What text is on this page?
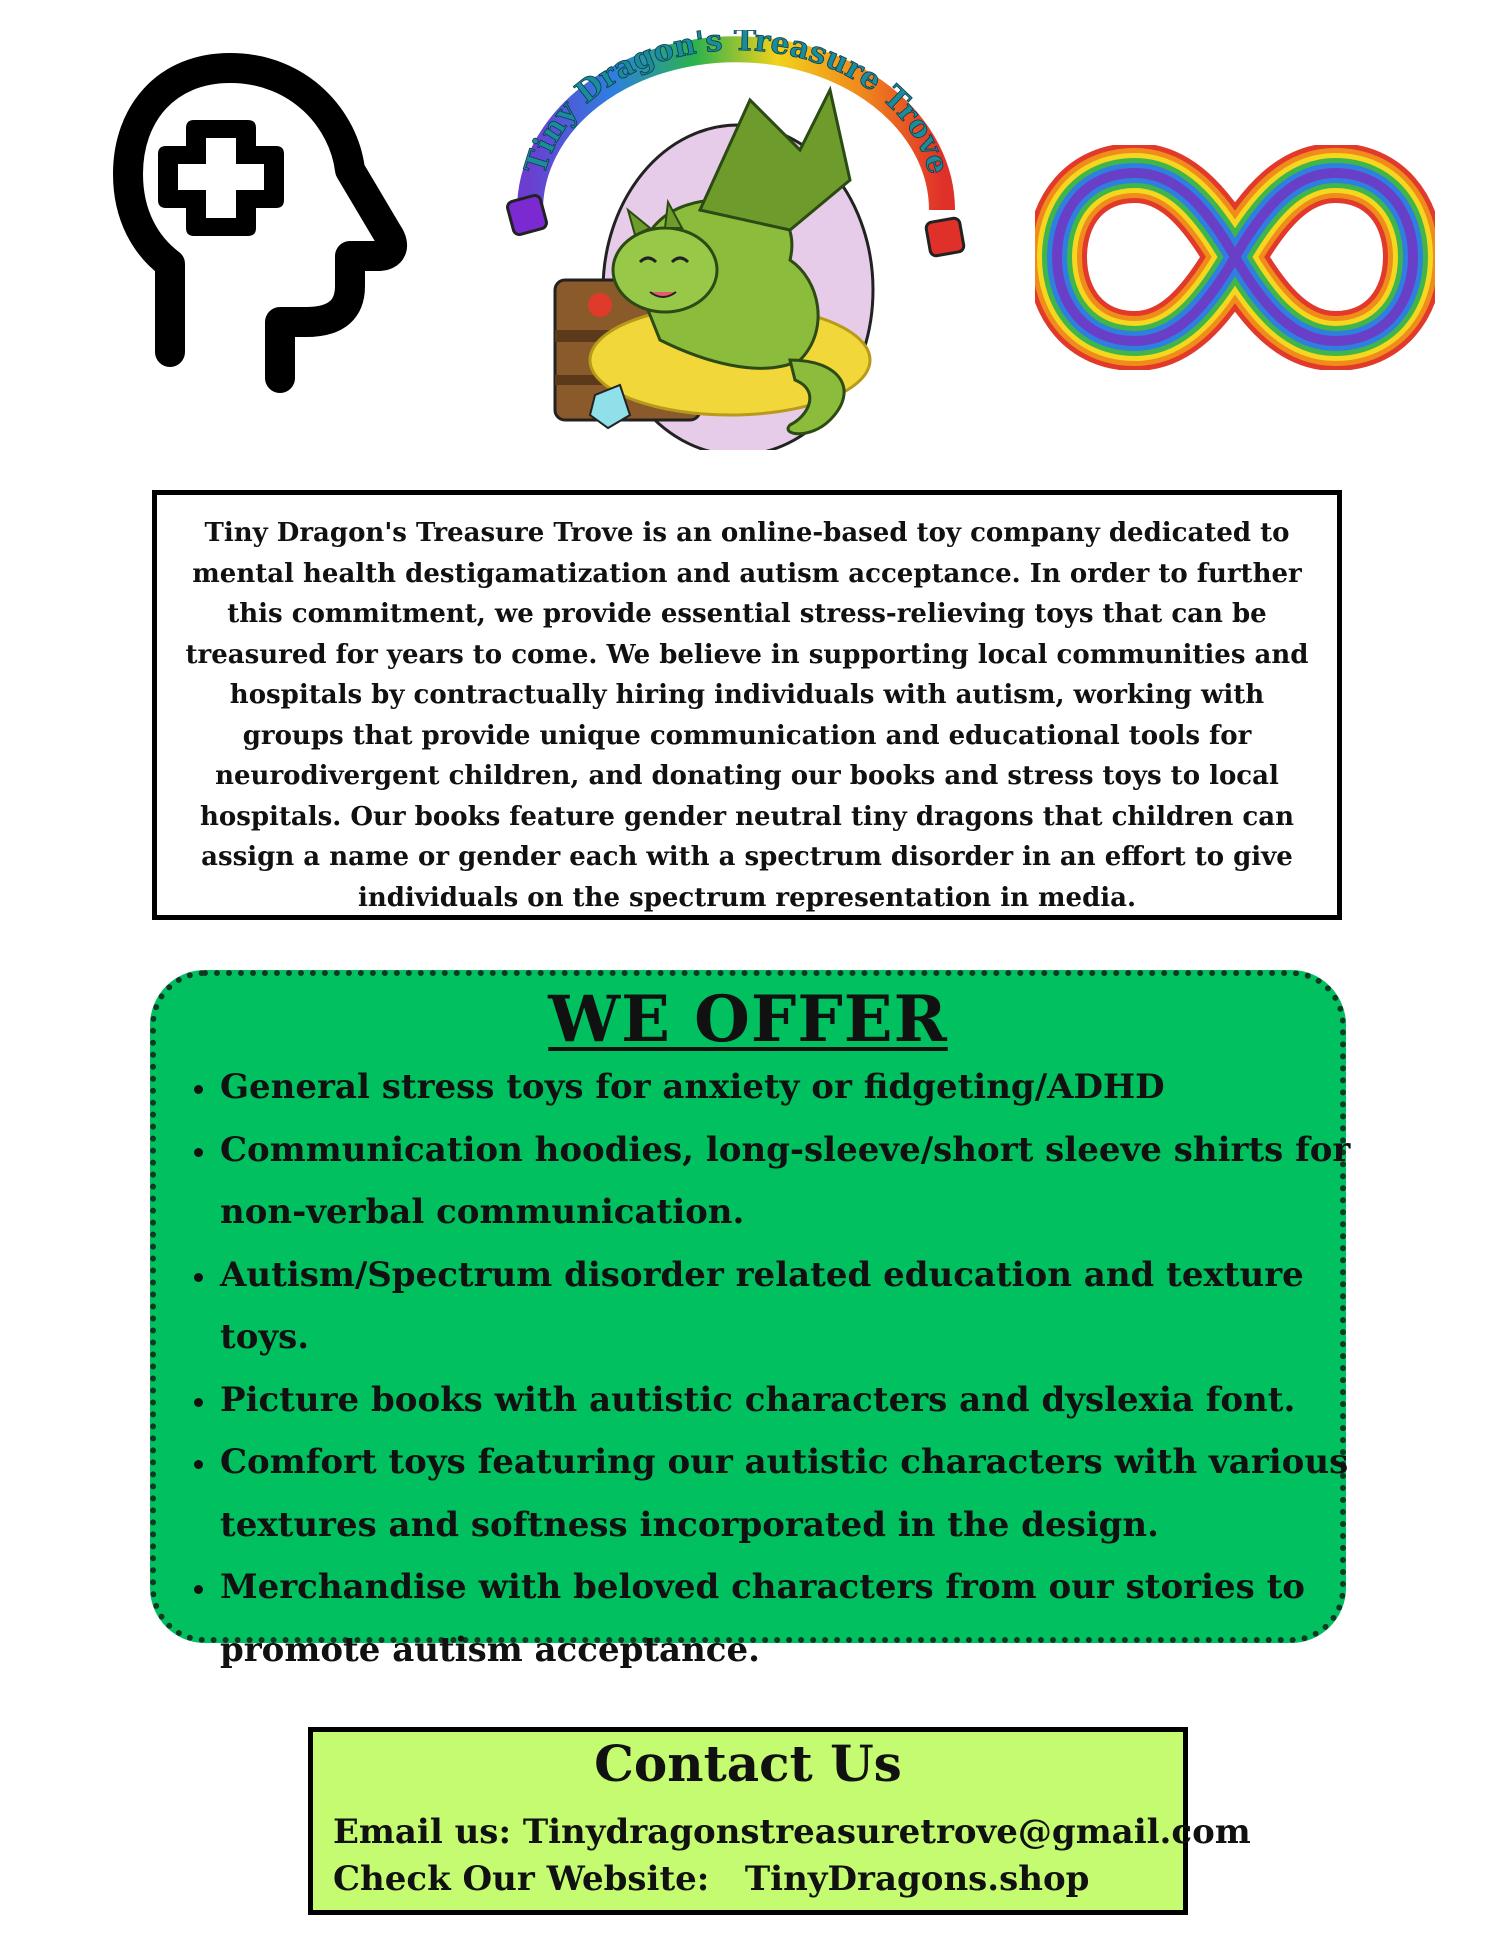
Tiny Dragon's Treasure Trove
Tiny Dragon's Treasure Trove is an online-based toy company dedicated to mental health destigamatization and autism acceptance. In order to further this commitment, we provide essential stress-relieving toys that can be treasured for years to come. We believe in supporting local communities and hospitals by contractually hiring individuals with autism, working with groups that provide unique communication and educational tools for neurodivergent children, and donating our books and stress toys to local hospitals. Our books feature gender neutral tiny dragons that children can assign a name or gender each with a spectrum disorder in an effort to give individuals on the spectrum representation in media.
WE OFFER
• General stress toys for anxiety or fidgeting/ADHD
• Communication hoodies, long-sleeve/short sleeve shirts for non-verbal communication.
• Autism/Spectrum disorder related education and texture toys.
• Picture books with autistic characters and dyslexia font.
• Comfort toys featuring our autistic characters with various textures and softness incorporated in the design.
• Merchandise with beloved characters from our stories to promote autism acceptance.
Contact Us
Email us: Tinydragonstreasuretrove@gmail.com
Check Our Website:   TinyDragons.shop
